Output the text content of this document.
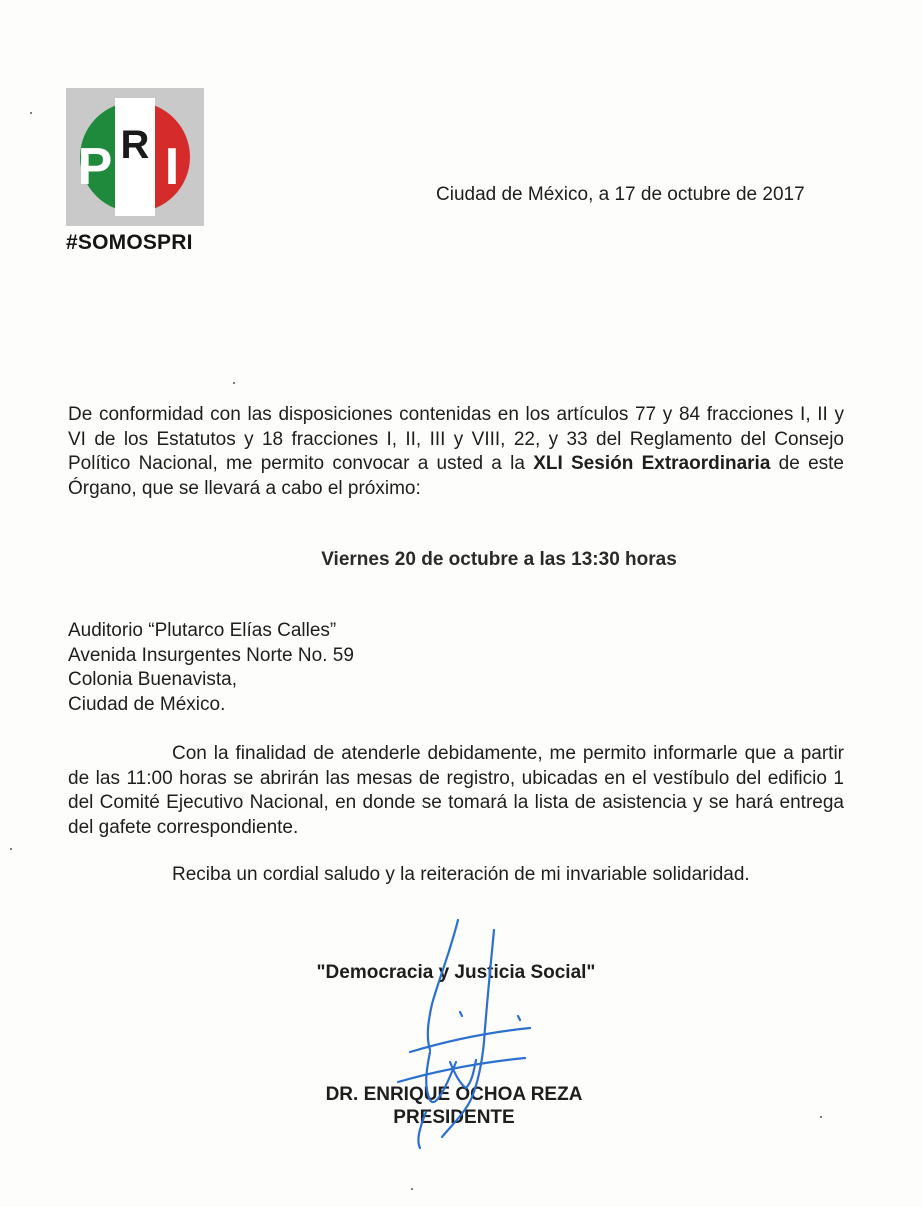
P R I
#SOMOSPRI
Ciudad de México, a 17 de octubre de 2017

De conformidad con las disposiciones contenidas en los artículos 77 y 84 fracciones I, II y VI de los Estatutos y 18 fracciones I, II, III y VIII, 22, y 33 del Reglamento del Consejo Político Nacional, me permito convocar a usted a la XLI Sesión Extraordinaria de este Órgano, que se llevará a cabo el próximo:

Viernes 20 de octubre a las 13:30 horas
Auditorio “Plutarco Elías Calles”
Avenida Insurgentes Norte No. 59
Colonia Buenavista,
Ciudad de México.

Con la finalidad de atenderle debidamente, me permito informarle que a partir de las 11:00 horas se abrirán las mesas de registro, ubicadas en el vestíbulo del edificio 1 del Comité Ejecutivo Nacional, en donde se tomará la lista de asistencia y se hará entrega del gafete correspondiente.

Reciba un cordial saludo y la reiteración de mi invariable solidaridad.
"Democracia y Justicia Social"
DR. ENRIQUE OCHOA REZA
PRESIDENTE
